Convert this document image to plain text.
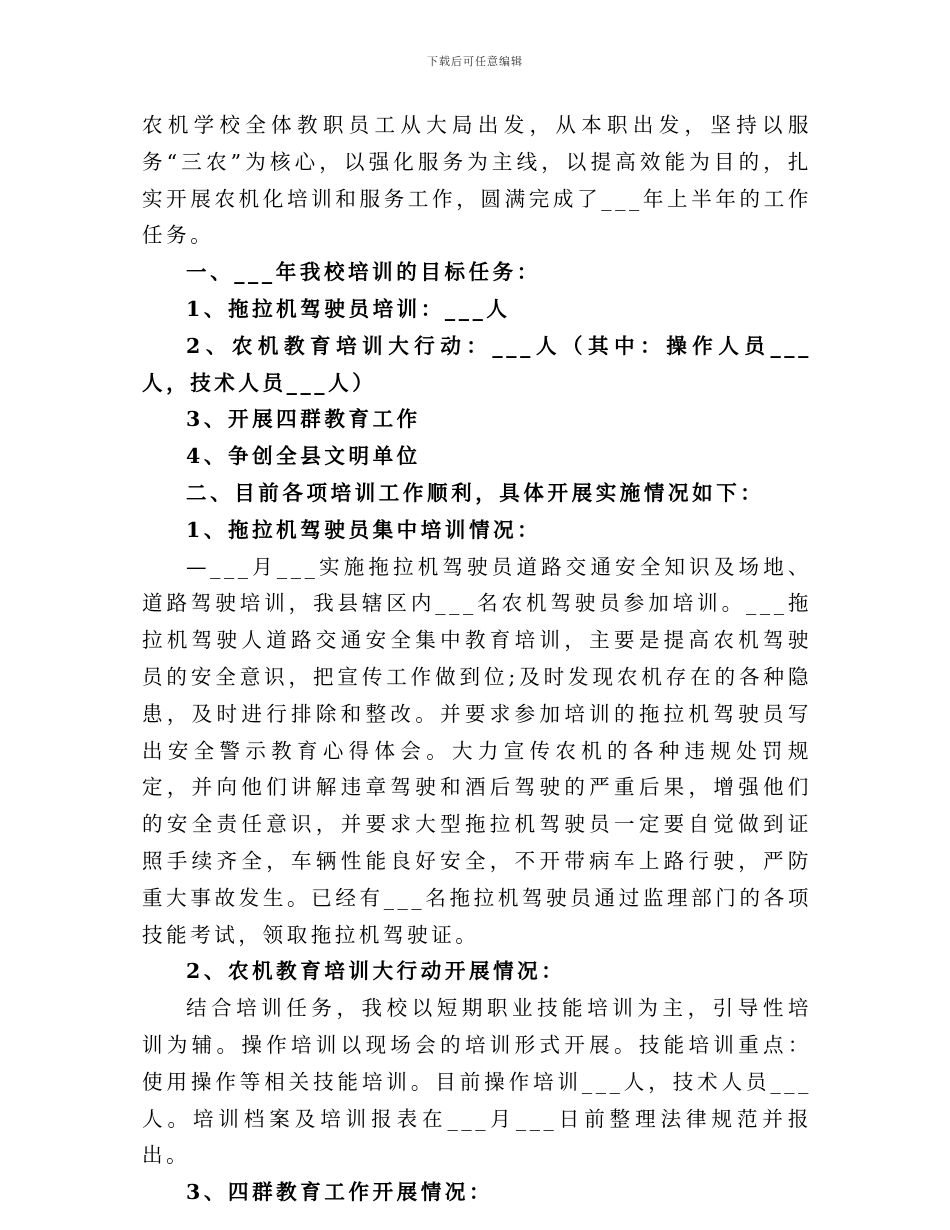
下载后可任意编辑

农机学校全体教职员工从大局出发，从本职出发，坚持以服务“三农”为核心，以强化服务为主线，以提高效能为目的，扎实开展农机化培训和服务工作，圆满完成了___年上半年的工作任务。

一、___年我校培训的目标任务：

1、拖拉机驾驶员培训：___人

2、农机教育培训大行动：___人（其中：操作人员___人，技术人员___人）

3、开展四群教育工作

4、争创全县文明单位

二、目前各项培训工作顺利，具体开展实施情况如下：

1、拖拉机驾驶员集中培训情况：

—___月___实施拖拉机驾驶员道路交通安全知识及场地、道路驾驶培训，我县辖区内___名农机驾驶员参加培训。___拖拉机驾驶人道路交通安全集中教育培训，主要是提高农机驾驶员的安全意识，把宣传工作做到位;及时发现农机存在的各种隐患，及时进行排除和整改。并要求参加培训的拖拉机驾驶员写出安全警示教育心得体会。大力宣传农机的各种违规处罚规定，并向他们讲解违章驾驶和酒后驾驶的严重后果，增强他们的安全责任意识，并要求大型拖拉机驾驶员一定要自觉做到证照手续齐全，车辆性能良好安全，不开带病车上路行驶，严防重大事故发生。已经有___名拖拉机驾驶员通过监理部门的各项技能考试，领取拖拉机驾驶证。

2、农机教育培训大行动开展情况：

结合培训任务，我校以短期职业技能培训为主，引导性培训为辅。操作培训以现场会的培训形式开展。技能培训重点：使用操作等相关技能培训。目前操作培训___人，技术人员___人。培训档案及培训报表在___月___日前整理法律规范并报出。

3、四群教育工作开展情况：
